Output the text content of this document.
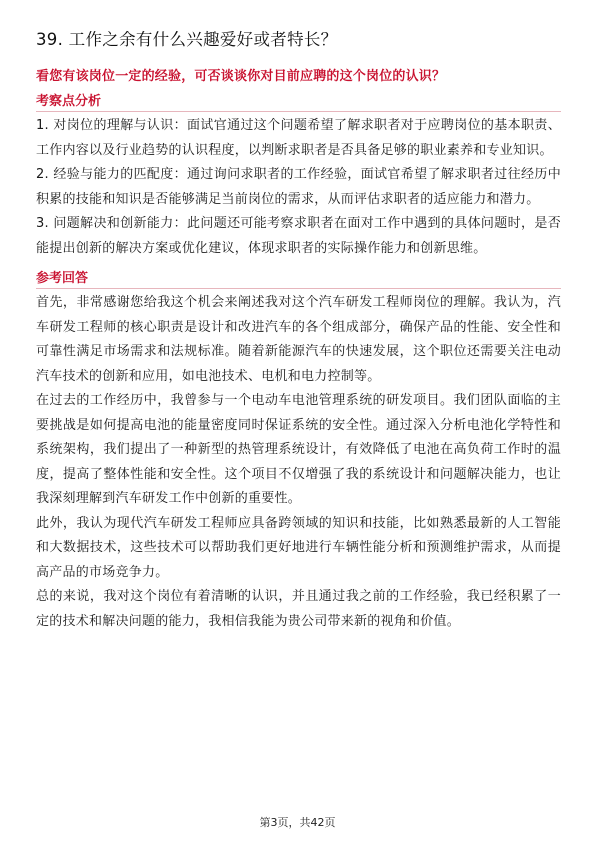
39. 工作之余有什么兴趣爱好或者特长？

看您有该岗位一定的经验，可否谈谈你对目前应聘的这个岗位的认识？

考察点分析

1. 对岗位的理解与认识：面试官通过这个问题希望了解求职者对于应聘岗位的基本职责、工作内容以及行业趋势的认识程度，以判断求职者是否具备足够的职业素养和专业知识。

2. 经验与能力的匹配度：通过询问求职者的工作经验，面试官希望了解求职者过往经历中积累的技能和知识是否能够满足当前岗位的需求，从而评估求职者的适应能力和潜力。

3. 问题解决和创新能力：此问题还可能考察求职者在面对工作中遇到的具体问题时，是否能提出创新的解决方案或优化建议，体现求职者的实际操作能力和创新思维。

参考回答

首先，非常感谢您给我这个机会来阐述我对这个汽车研发工程师岗位的理解。我认为，汽车研发工程师的核心职责是设计和改进汽车的各个组成部分，确保产品的性能、安全性和可靠性满足市场需求和法规标准。随着新能源汽车的快速发展，这个职位还需要关注电动汽车技术的创新和应用，如电池技术、电机和电力控制等。

在过去的工作经历中，我曾参与一个电动车电池管理系统的研发项目。我们团队面临的主要挑战是如何提高电池的能量密度同时保证系统的安全性。通过深入分析电池化学特性和系统架构，我们提出了一种新型的热管理系统设计，有效降低了电池在高负荷工作时的温度，提高了整体性能和安全性。这个项目不仅增强了我的系统设计和问题解决能力，也让我深刻理解到汽车研发工作中创新的重要性。

此外，我认为现代汽车研发工程师应具备跨领域的知识和技能，比如熟悉最新的人工智能和大数据技术，这些技术可以帮助我们更好地进行车辆性能分析和预测维护需求，从而提高产品的市场竞争力。

总的来说，我对这个岗位有着清晰的认识，并且通过我之前的工作经验，我已经积累了一定的技术和解决问题的能力，我相信我能为贵公司带来新的视角和价值。

第3页，共42页
